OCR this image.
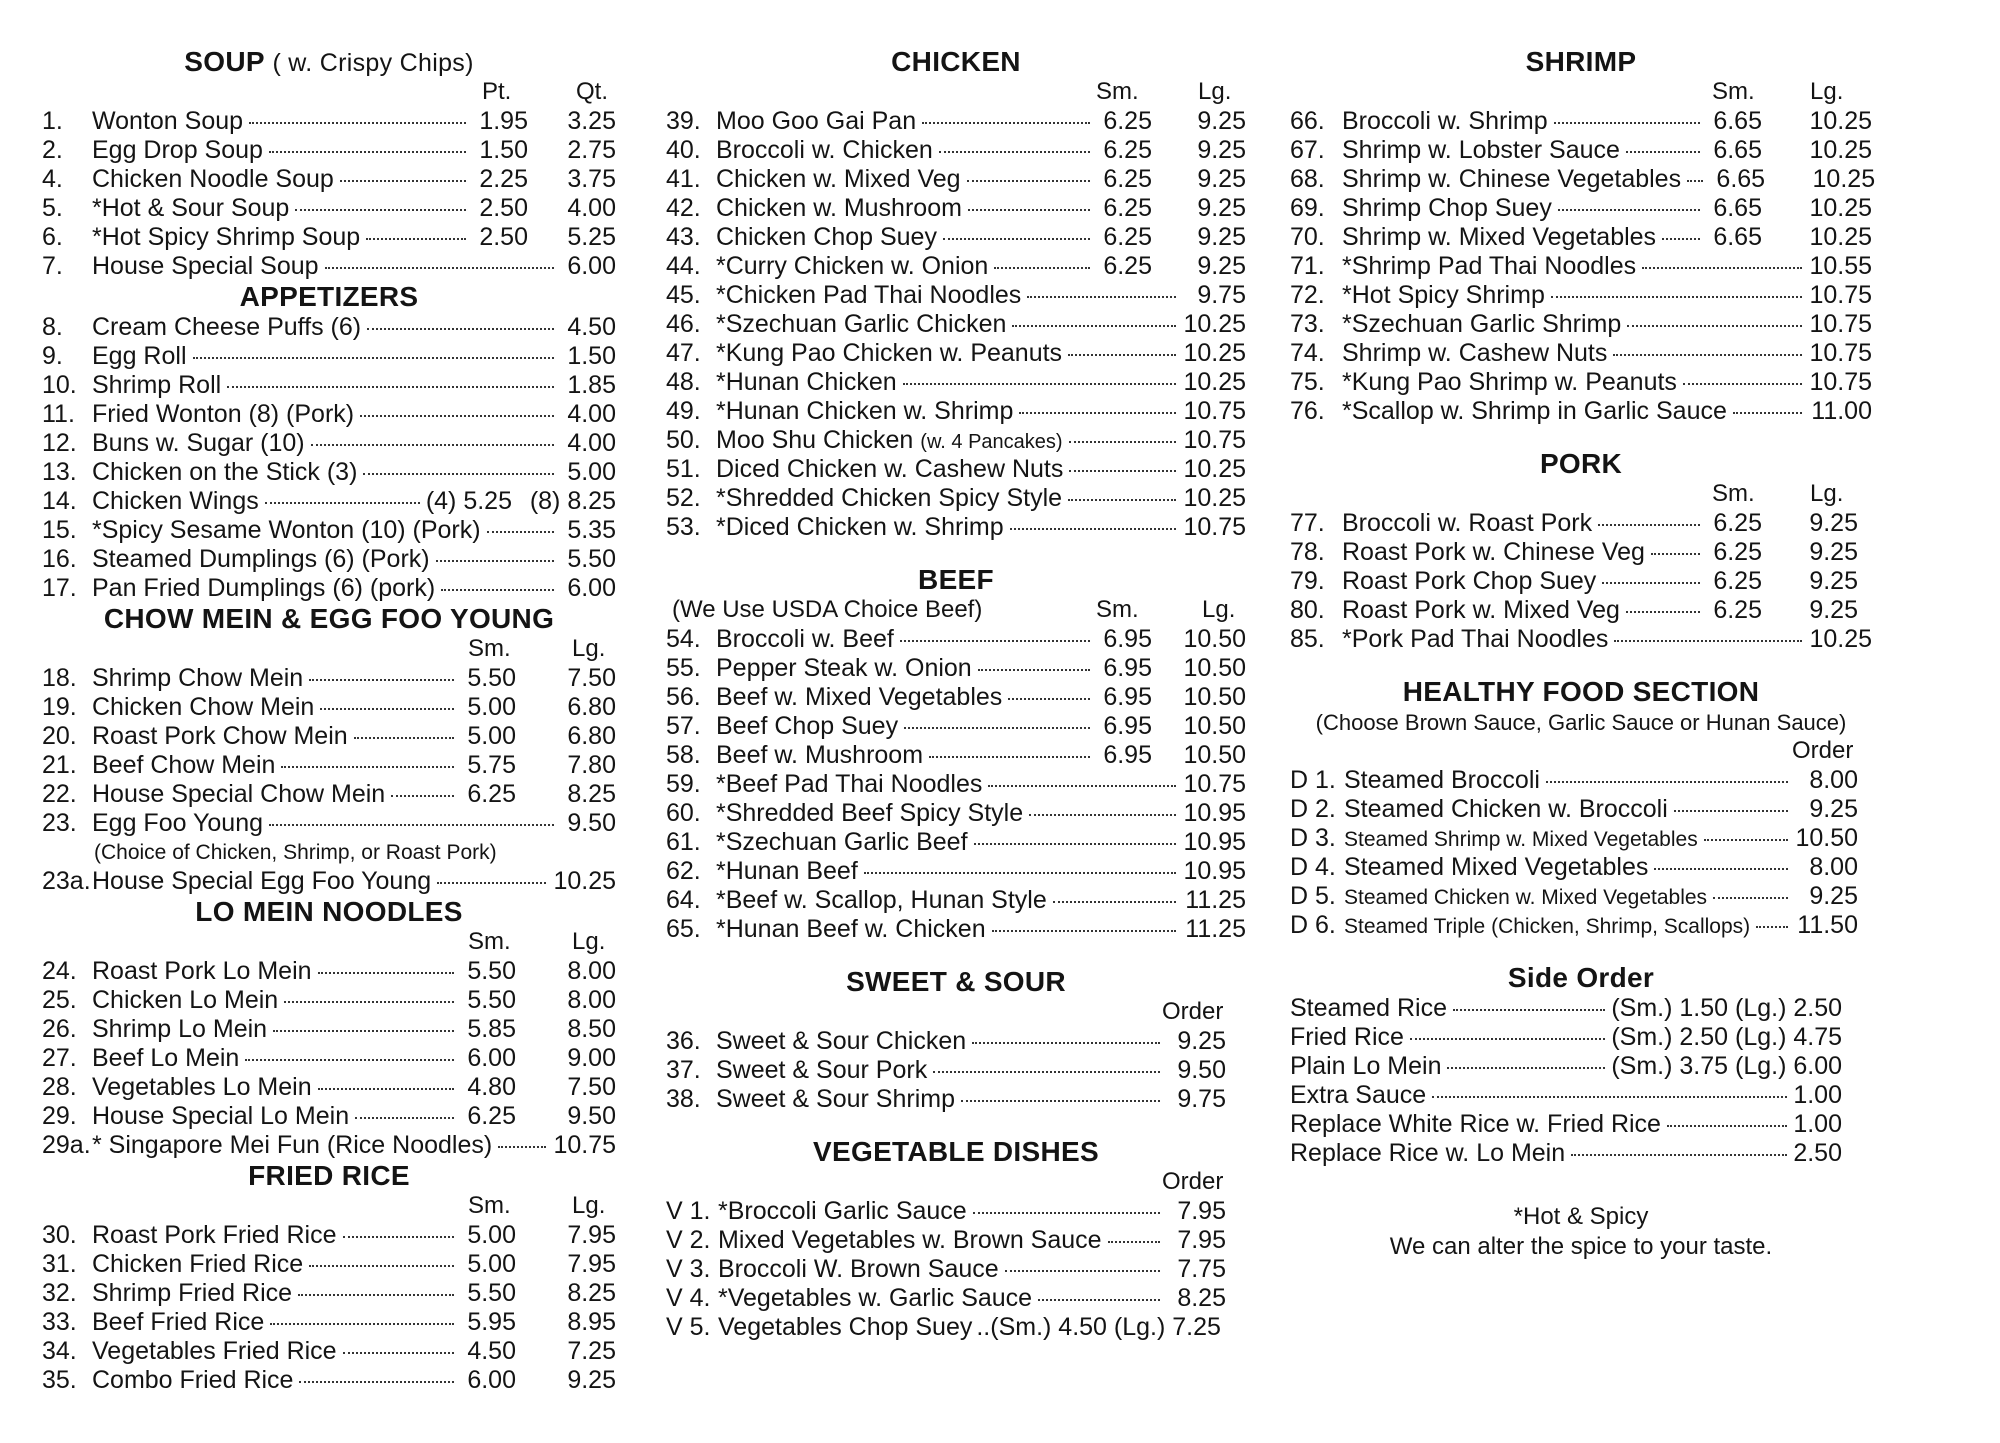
SOUP ( w. Crispy Chips)
Pt.	Qt.
1.	Wonton Soup	1.95	3.25
2.	Egg Drop Soup	1.50	2.75
4.	Chicken Noodle Soup	2.25	3.75
5.	*Hot & Sour Soup	2.50	4.00
6.	*Hot Spicy Shrimp Soup	2.50	5.25
7.	House Special Soup	6.00
APPETIZERS
8.	Cream Cheese Puffs (6)	4.50
9.	Egg Roll	1.50
10. Shrimp Roll	1.85
11. Fried Wonton (8) (Pork)	4.00
12. Buns w. Sugar (10)	4.00
13. Chicken on the Stick (3)	5.00
14. Chicken Wings	(4) 5.25 (8) 8.25
15. *Spicy Sesame Wonton (10) (Pork)	5.35
16. Steamed Dumplings (6) (Pork)	5.50
17. Pan Fried Dumplings (6) (pork)	6.00
CHOW MEIN & EGG FOO YOUNG
Sm.	Lg.
18. Shrimp Chow Mein	5.50	7.50
19. Chicken Chow Mein	5.00	6.80
20. Roast Pork Chow Mein	5.00	6.80
21. Beef Chow Mein	5.75	7.80
22. House Special Chow Mein	6.25	8.25
23. Egg Foo Young	9.50
(Choice of Chicken, Shrimp, or Roast Pork)
23a. House Special Egg Foo Young	10.25
LO MEIN NOODLES
Sm.	Lg.
24. Roast Pork Lo Mein	5.50	8.00
25. Chicken Lo Mein	5.50	8.00
26. Shrimp Lo Mein	5.85	8.50
27. Beef Lo Mein	6.00	9.00
28. Vegetables Lo Mein	4.80	7.50
29. House Special Lo Mein	6.25	9.50
29a. * Singapore Mei Fun (Rice Noodles) 10.75
FRIED RICE
Sm.	Lg.
30. Roast Pork Fried Rice	5.00	7.95
31. Chicken Fried Rice	5.00	7.95
32. Shrimp Fried Rice	5.50	8.25
33. Beef Fried Rice	5.95	8.95
34. Vegetables Fried Rice	4.50	7.25
35. Combo Fried Rice	6.00	9.25
CHICKEN
Sm. Lg.
39. Moo Goo Gai Pan	6.25	9.25
40. Broccoli w. Chicken	6.25	9.25
41. Chicken w. Mixed Veg	6.25	9.25
42. Chicken w. Mushroom	6.25	9.25
43. Chicken Chop Suey	6.25	9.25
44. *Curry Chicken w. Onion	6.25	9.25
45. *Chicken Pad Thai Noodles	9.75
46. *Szechuan Garlic Chicken	10.25
47. *Kung Pao Chicken w. Peanuts	10.25
48. *Hunan Chicken	10.25
49. *Hunan Chicken w. Shrimp	10.75
50. Moo Shu Chicken (w. 4 Pancakes)	10.75
51. Diced Chicken w. Cashew Nuts	10.25
52. *Shredded Chicken Spicy Style	10.25
53. *Diced Chicken w. Shrimp	10.75
BEEF
(We Use USDA Choice Beef)	Sm.	Lg.
54. Broccoli w. Beef	6.95	10.50
55. Pepper Steak w. Onion	6.95	10.50
56. Beef w. Mixed Vegetables	6.95	10.50
57. Beef Chop Suey	6.95	10.50
58. Beef w. Mushroom	6.95	10.50
59. *Beef Pad Thai Noodles	10.75
60. *Shredded Beef Spicy Style	10.95
61. *Szechuan Garlic Beef	10.95
62. *Hunan Beef	10.95
64. *Beef w. Scallop, Hunan Style	11.25
65. *Hunan Beef w. Chicken	11.25
SWEET & SOUR
Order
36. Sweet & Sour Chicken	9.25
37. Sweet & Sour Pork	9.50
38. Sweet & Sour Shrimp	9.75
VEGETABLE DISHES
Order
V 1. *Broccoli Garlic Sauce	7.95
V 2. Mixed Vegetables w. Brown Sauce	7.95
V 3. Broccoli W. Brown Sauce	7.75
V 4. *Vegetables w. Garlic Sauce	8.25
V 5. Vegetables Chop Suey ..(Sm.) 4.50 (Lg.) 7.25
SHRIMP
Sm. Lg.
66. Broccoli w. Shrimp	6.65	10.25
67. Shrimp w. Lobster Sauce	6.65	10.25
68. Shrimp w. Chinese Vegetables 6.65	10.25
69. Shrimp Chop Suey	6.65	10.25
70. Shrimp w. Mixed Vegetables 6.65	10.25
71. *Shrimp Pad Thai Noodles	10.55
72. *Hot Spicy Shrimp	10.75
73. *Szechuan Garlic Shrimp	10.75
74. Shrimp w. Cashew Nuts	10.75
75. *Kung Pao Shrimp w. Peanuts	10.75
76. *Scallop w. Shrimp in Garlic Sauce	11.00
PORK
Sm. Lg.
77. Broccoli w. Roast Pork	6.25	9.25
78. Roast Pork w. Chinese Veg	6.25	9.25
79. Roast Pork Chop Suey	6.25	9.25
80. Roast Pork w. Mixed Veg	6.25	9.25
85. *Pork Pad Thai Noodles	10.25
HEALTHY FOOD SECTION
(Choose Brown Sauce, Garlic Sauce or Hunan Sauce)
Order
D 1. Steamed Broccoli	8.00
D 2. Steamed Chicken w. Broccoli	9.25
D 3. Steamed Shrimp w. Mixed Vegetables	10.50
D 4. Steamed Mixed Vegetables	8.00
D 5. Steamed Chicken w. Mixed Vegetables	9.25
D 6. Steamed Triple (Chicken, Shrimp, Scallops) 11.50
Side Order
Steamed Rice	(Sm.) 1.50 (Lg.) 2.50
Fried Rice	(Sm.) 2.50 (Lg.) 4.75
Plain Lo Mein	(Sm.) 3.75 (Lg.) 6.00
Extra Sauce	1.00
Replace White Rice w. Fried Rice	1.00
Replace Rice w. Lo Mein	2.50
*Hot & Spicy
We can alter the spice to your taste.
